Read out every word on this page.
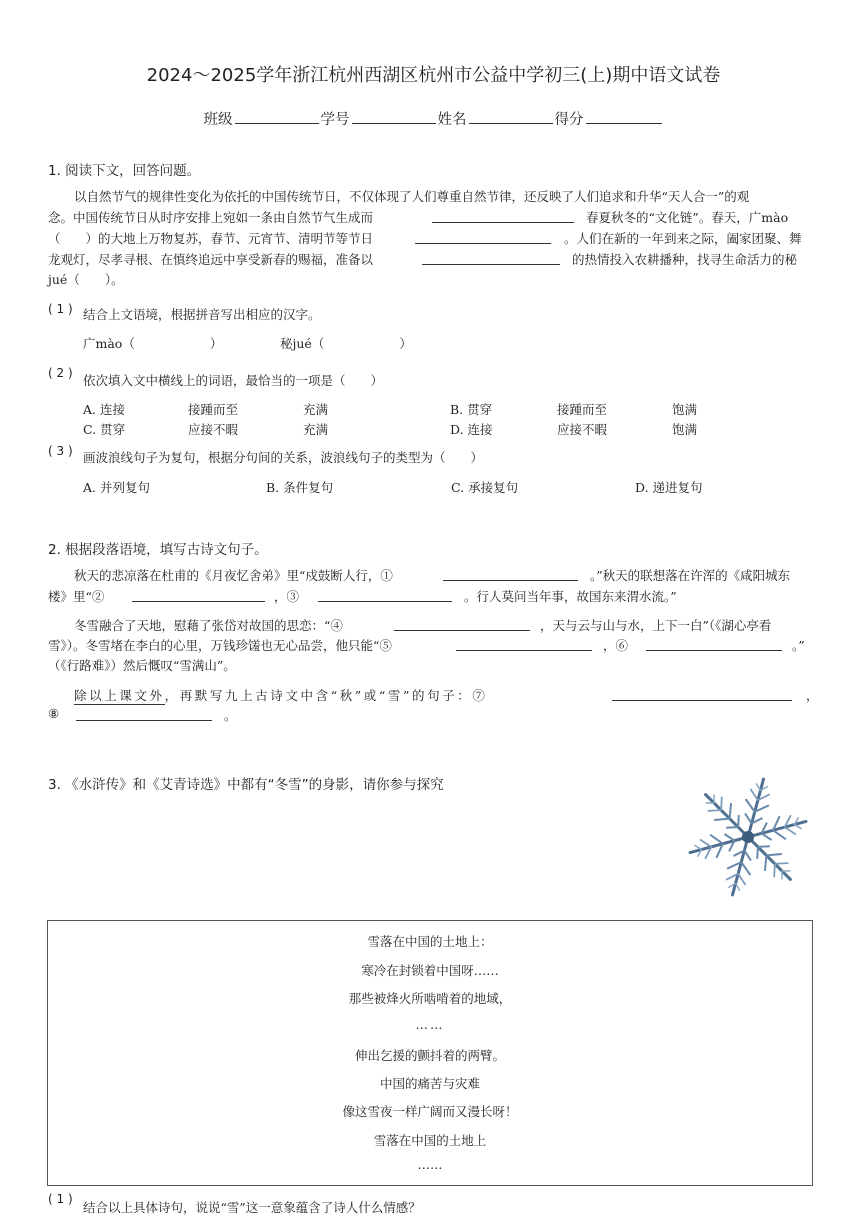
2024～2025学年浙江杭州西湖区杭州市公益中学初三(上)期中语文试卷
班级	学号	姓名	得分
1. 阅读下文，回答问题。
以自然节气的规律性变化为依托的中国传统节日，不仅体现了人们尊重自然节律，还反映了人们追求和升华“天人合一”的观
念。中国传统节日从时序安排上宛如一条由自然节气生成而	春夏秋冬的“文化链”。春天，广mào
（　　）的大地上万物复苏，春节、元宵节、清明节等节日	。人们在新的一年到来之际，阖家团聚、舞
龙观灯，尽孝寻根、在慎终追远中享受新春的赐福，准备以	的热情投入农耕播种，找寻生命活力的秘
jué（　　）。
( 1 ) 结合上文语境，根据拼音写出相应的汉字。
广mào（　　　　　　）	秘jué（　　　　　　）
( 2 ) 依次填入文中横线上的词语，最恰当的一项是（　　）
A. 连接	接踵而至	充满	B. 贯穿	接踵而至	饱满
C. 贯穿	应接不暇	充满	D. 连接	应接不暇	饱满
( 3 ) 画波浪线句子为复句，根据分句间的关系，波浪线句子的类型为（　　）
A. 并列复句	B. 条件复句	C. 承接复句	D. 递进复句
2. 根据段落语境，填写古诗文句子。
秋天的悲凉落在杜甫的《月夜忆舍弟》里“戍鼓断人行，①	。”秋天的联想落在许浑的《咸阳城东
楼》里“②	，③	。行人莫问当年事，故国东来渭水流。”
冬雪融合了天地，慰藉了张岱对故国的思恋：“④	，天与云与山与水，上下一白”（《湖心亭看
雪》）。冬雪堵在李白的心里，万钱珍馐也无心品尝，他只能“⑤	，⑥	。”
（《行路难》）然后慨叹“雪满山”。
除以上课文外，再默写九上古诗文中含“秋”或“雪”的句子：⑦	，
⑧	。
3. 《水浒传》和《艾青诗选》中都有“冬雪”的身影，请你参与探究
雪落在中国的土地上：
寒冷在封锁着中国呀……
那些被烽火所啮啃着的地域，
……
伸出乞援的颤抖着的两臂。
中国的痛苦与灾难
像这雪夜一样广阔而又漫长呀！
雪落在中国的土地上
……
( 1 )
结合以上具体诗句，说说“雪”这一意象蕴含了诗人什么情感？
